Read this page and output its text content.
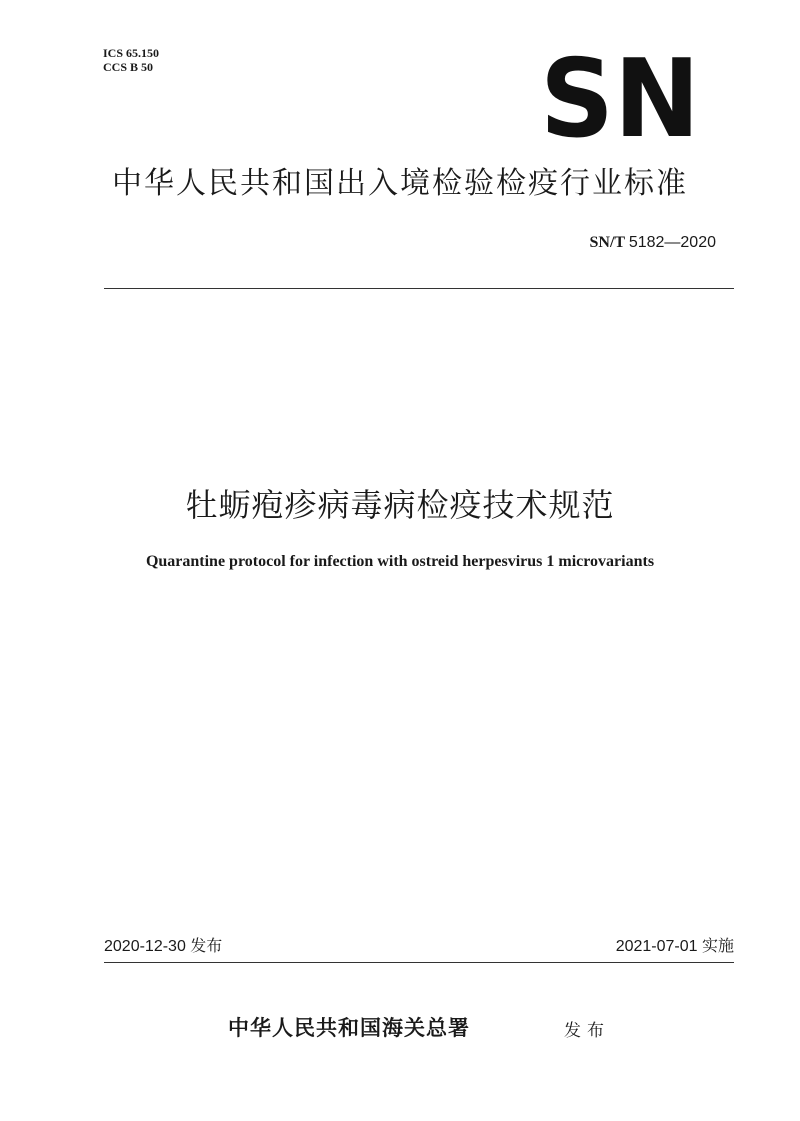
ICS 65.150
CCS B 50	SN
中华人民共和国出入境检验检疫行业标准
SN/T 5182—2020
牡蛎疱疹病毒病检疫技术规范
Quarantine protocol for infection with ostreid herpesvirus 1 microvariants
2020-12-30 发布	2021-07-01 实施
中华人民共和国海关总署	发布
